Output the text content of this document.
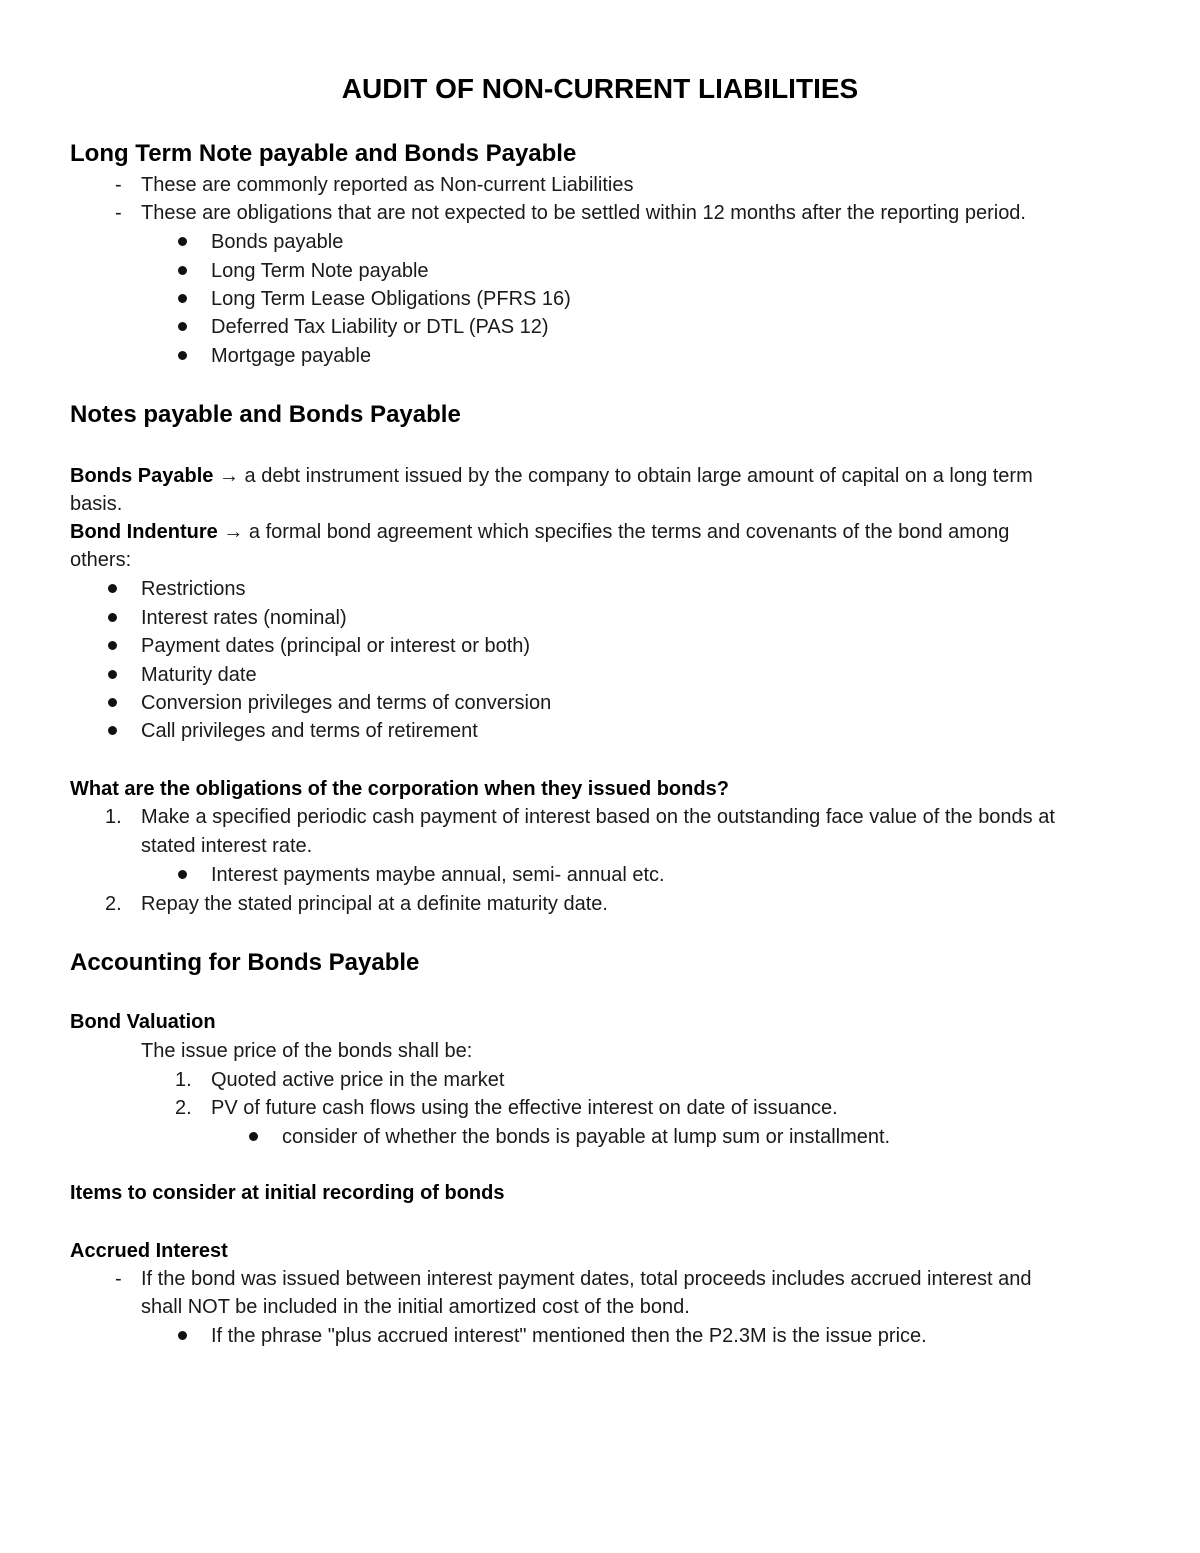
AUDIT OF NON-CURRENT LIABILITIES
Long Term Note payable and Bonds Payable
- These are commonly reported as Non-current Liabilities
- These are obligations that are not expected to be settled within 12 months after the reporting period.
Bonds payable
Long Term Note payable
Long Term Lease Obligations (PFRS 16)
Deferred Tax Liability or DTL (PAS 12)
Mortgage payable
Notes payable and Bonds Payable
Bonds Payable → a debt instrument issued by the company to obtain large amount of capital on a long term
basis.
Bond Indenture → a formal bond agreement which specifies the terms and covenants of the bond among
others:
Restrictions
Interest rates (nominal)
Payment dates (principal or interest or both)
Maturity date
Conversion privileges and terms of conversion
Call privileges and terms of retirement
What are the obligations of the corporation when they issued bonds?
1. Make a specified periodic cash payment of interest based on the outstanding face value of the bonds at
stated interest rate.
Interest payments maybe annual, semi- annual etc.
2. Repay the stated principal at a definite maturity date.
Accounting for Bonds Payable
Bond Valuation
The issue price of the bonds shall be:
1. Quoted active price in the market
2. PV of future cash flows using the effective interest on date of issuance.
consider of whether the bonds is payable at lump sum or installment.
Items to consider at initial recording of bonds
Accrued Interest
- If the bond was issued between interest payment dates, total proceeds includes accrued interest and
shall NOT be included in the initial amortized cost of the bond.
If the phrase "plus accrued interest" mentioned then the P2.3M is the issue price.
